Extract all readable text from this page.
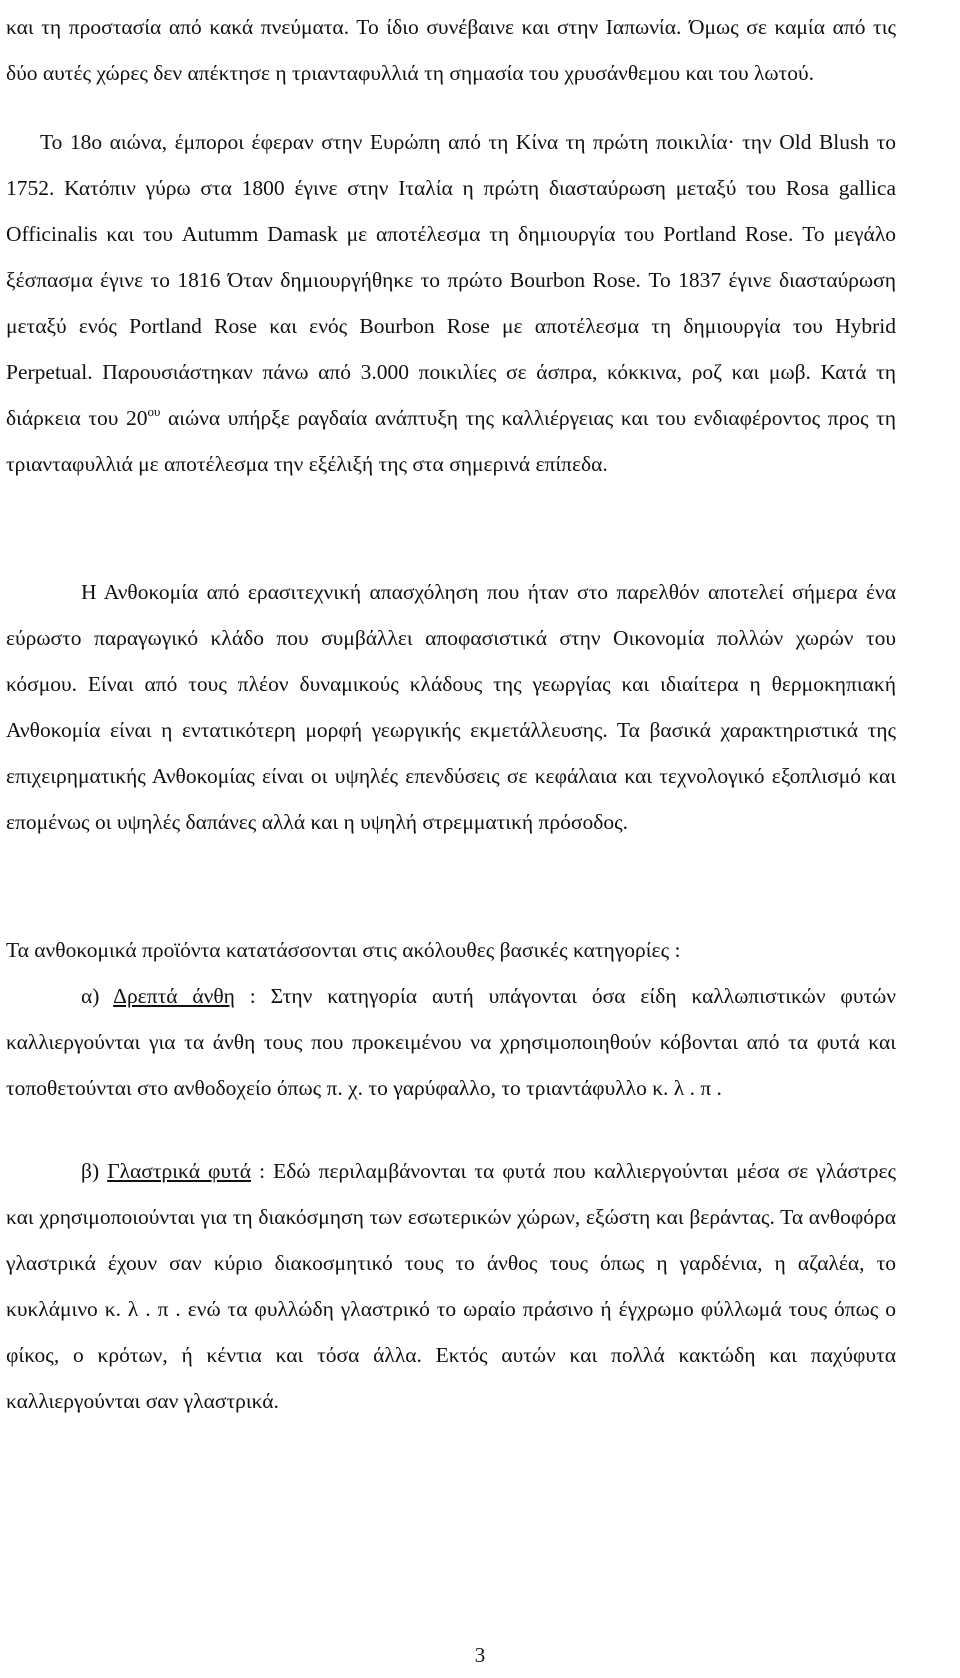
και τη προστασία από κακά πνεύματα. Το ίδιο συνέβαινε και στην Ιαπωνία. Όμως σε καμία από τις δύο αυτές χώρες δεν απέκτησε η τριανταφυλλιά τη σημασία του χρυσάνθεμου και του λωτού.

Το 18ο αιώνα, έμποροι έφεραν στην Ευρώπη από τη Κίνα τη πρώτη ποικιλία· την Old Blush το 1752. Κατόπιν γύρω στα 1800 έγινε στην Ιταλία η πρώτη διασταύρωση μεταξύ του Rosa gallica Officinalis και του Autumm Damask με αποτέλεσμα τη δημιουργία του Portland Rose. Το μεγάλο ξέσπασμα έγινε το 1816 Όταν δημιουργήθηκε το πρώτο Bourbon Rose. Το 1837 έγινε διασταύρωση μεταξύ ενός Portland Rose και ενός Bourbon Rose με αποτέλεσμα τη δημιουργία του Hybrid Perpetual. Παρουσιάστηκαν πάνω από 3.000 ποικιλίες σε άσπρα, κόκκινα, ροζ και μωβ. Κατά τη διάρκεια του $20^{o\upsilon}$ αιώνα υπήρξε ραγδαία ανάπτυξη της καλλιέργειας και του ενδιαφέροντος προς τη τριανταφυλλιά με αποτέλεσμα την εξέλιξή της στα σημερινά επίπεδα.

Η Ανθοκομία από ερασιτεχνική απασχόληση που ήταν στο παρελθόν αποτελεί σήμερα ένα εύρωστο παραγωγικό κλάδο που συμβάλλει αποφασιστικά στην Οικονομία πολλών χωρών του κόσμου. Είναι από τους πλέον δυναμικούς κλάδους της γεωργίας και ιδιαίτερα η θερμοκηπιακή Ανθοκομία είναι η εντατικότερη μορφή γεωργικής εκμετάλλευσης. Τα βασικά χαρακτηριστικά της επιχειρηματικής Ανθοκομίας είναι οι υψηλές επενδύσεις σε κεφάλαια και τεχνολογικό εξοπλισμό και επομένως οι υψηλές δαπάνες αλλά και η υψηλή στρεμματική πρόσοδος.

Τα ανθοκομικά προϊόντα κατατάσσονται στις ακόλουθες βασικές κατηγορίες :

α) Δρεπτά άνθη : Στην κατηγορία αυτή υπάγονται όσα είδη καλλωπιστικών φυτών καλλιεργούνται για τα άνθη τους που προκειμένου να χρησιμοποιηθούν κόβονται από τα φυτά και τοποθετούνται στο ανθοδοχείο όπως π. χ. το γαρύφαλλο, το τριαντάφυλλο κ. λ . π .

β) Γλαστρικά φυτά : Εδώ περιλαμβάνονται τα φυτά που καλλιεργούνται μέσα σε γλάστρες και χρησιμοποιούνται για τη διακόσμηση των εσωτερικών χώρων, εξώστη και βεράντας. Τα ανθοφόρα γλαστρικά έχουν σαν κύριο διακοσμητικό τους το άνθος τους όπως η γαρδένια, η αζαλέα, το κυκλάμινο κ. λ . π . ενώ τα φυλλώδη γλαστρικό το ωραίο πράσινο ή έγχρωμο φύλλωμά τους όπως ο φίκος, ο κρότων, ή κέντια και τόσα άλλα. Εκτός αυτών και πολλά κακτώδη και παχύφυτα καλλιεργούνται σαν γλαστρικά.

3
